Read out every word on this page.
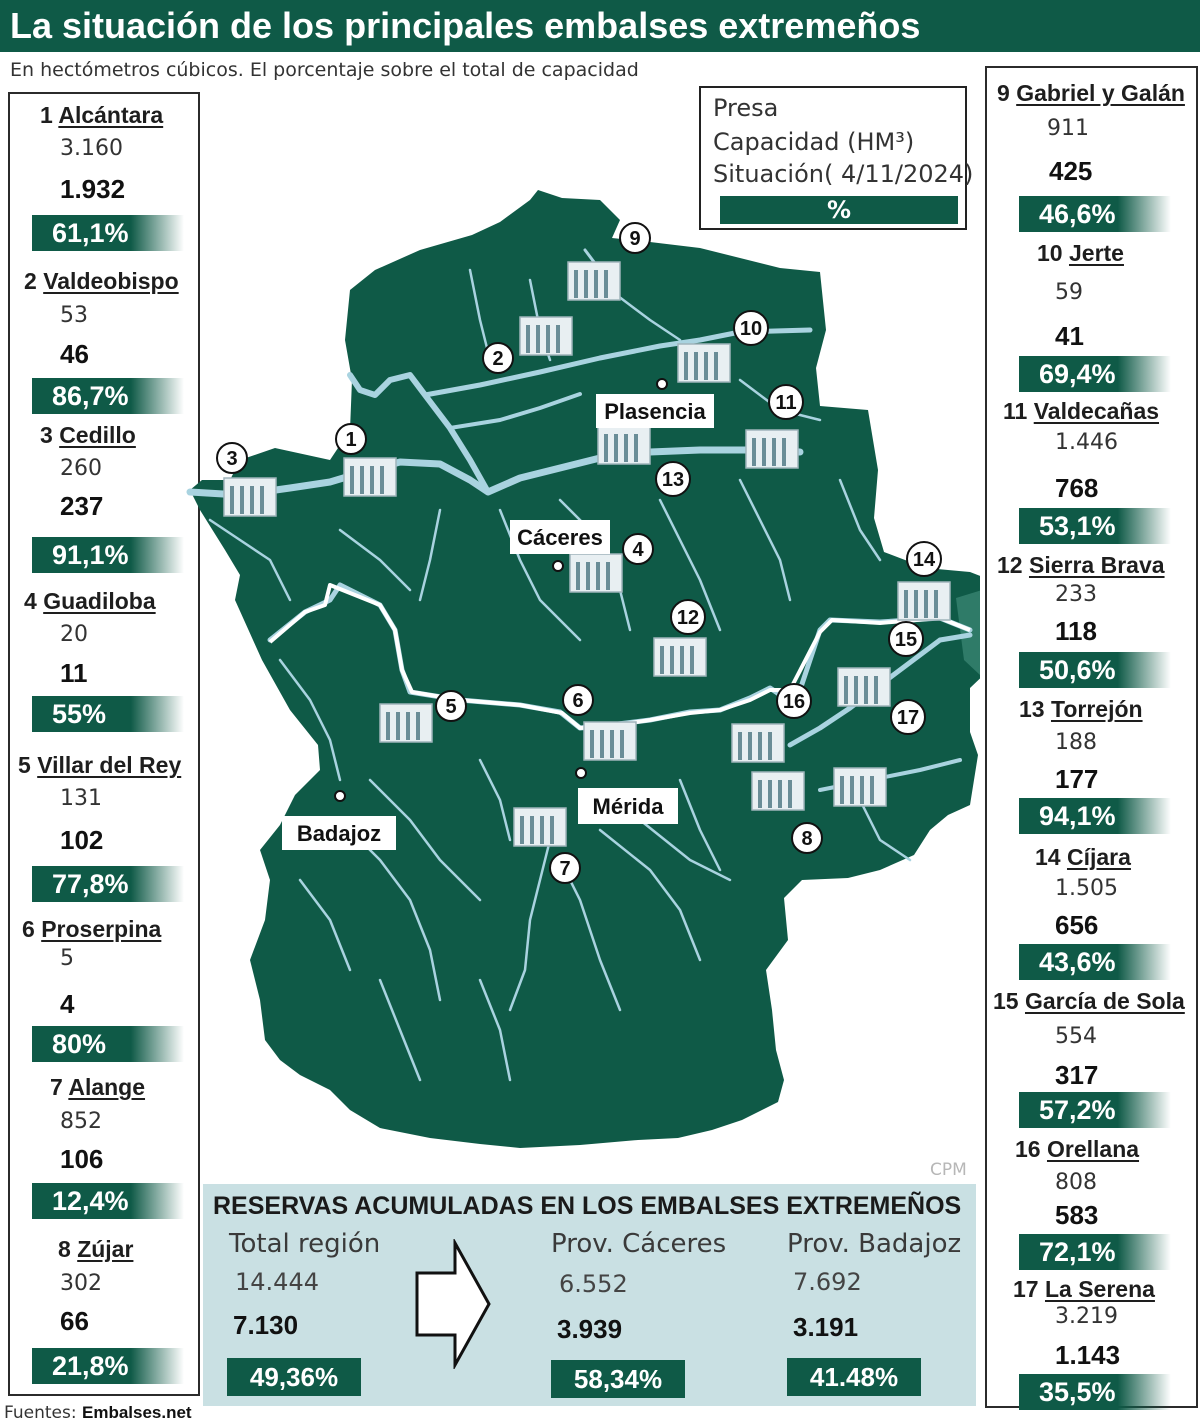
La situación de los principales embalses extremeños
En hectómetros cúbicos. El porcentaje sobre el total de capacidad
1 Alcántara
3.160
1.932
61,1%
2 Valdeobispo
53
46
86,7%
3 Cedillo
260
237
91,1%
4 Guadiloba
20
11
55%
5 Villar del Rey
131
102
77,8%
6 Proserpina
5
4
80%
7 Alange
852
106
12,4%
8 Zújar
302
66
21,8%
Presa
Capacidad (HM³)
Situación( 4/11/2024)
%
9
2
10
11
1
3
13
4	14
12
15
5	6	16
17
8
7
Plasencia
Cáceres
Mérida
Badajoz
9 Gabriel y Galán
911
425
46,6%
10 Jerte
59
41
69,4%
11 Valdecañas
1.446
768
53,1%
12 Sierra Brava
233
118
50,6%
13 Torrejón
188
177
94,1%
14 Cíjara
1.505
656
43,6%
15 García de Sola
554
317
57,2%
16 Orellana
808
583
72,1%
17 La Serena
3.219
1.143
35,5%
CPM
RESERVAS ACUMULADAS EN LOS EMBALSES EXTREMEÑOS
Total región
14.444
7.130
49,36%
Prov. Cáceres
6.552
3.939
58,34%
Prov. Badajoz
7.692
3.191
41.48%
Fuentes: Embalses.net
